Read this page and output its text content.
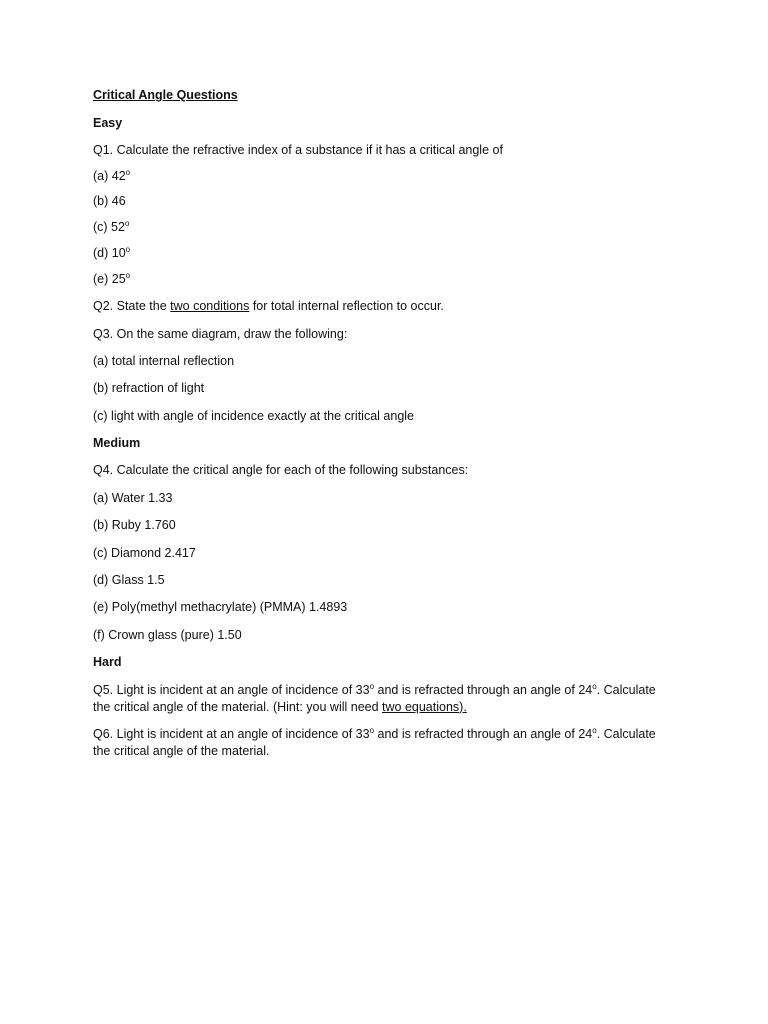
Critical Angle Questions
Easy
Q1. Calculate the refractive index of a substance if it has a critical angle of
(a) 42$^o$
(b) 46
(c) 52$^o$
(d) 10$^o$
(e) 25$^o$
Q2. State the two conditions for total internal reflection to occur.
Q3. On the same diagram, draw the following:
(a) total internal reflection
(b) refraction of light
(c) light with angle of incidence exactly at the critical angle
Medium
Q4. Calculate the critical angle for each of the following substances:
(a) Water 1.33
(b) Ruby 1.760
(c) Diamond 2.417
(d) Glass 1.5
(e) Poly(methyl methacrylate) (PMMA) 1.4893
(f) Crown glass (pure) 1.50
Hard
Q5. Light is incident at an angle of incidence of 33$^o$ and is refracted through an angle of 24$^o$. Calculate
the critical angle of the material. (Hint: you will need two equations).
Q6. Light is incident at an angle of incidence of 33$^o$ and is refracted through an angle of 24$^o$. Calculate
the critical angle of the material.
